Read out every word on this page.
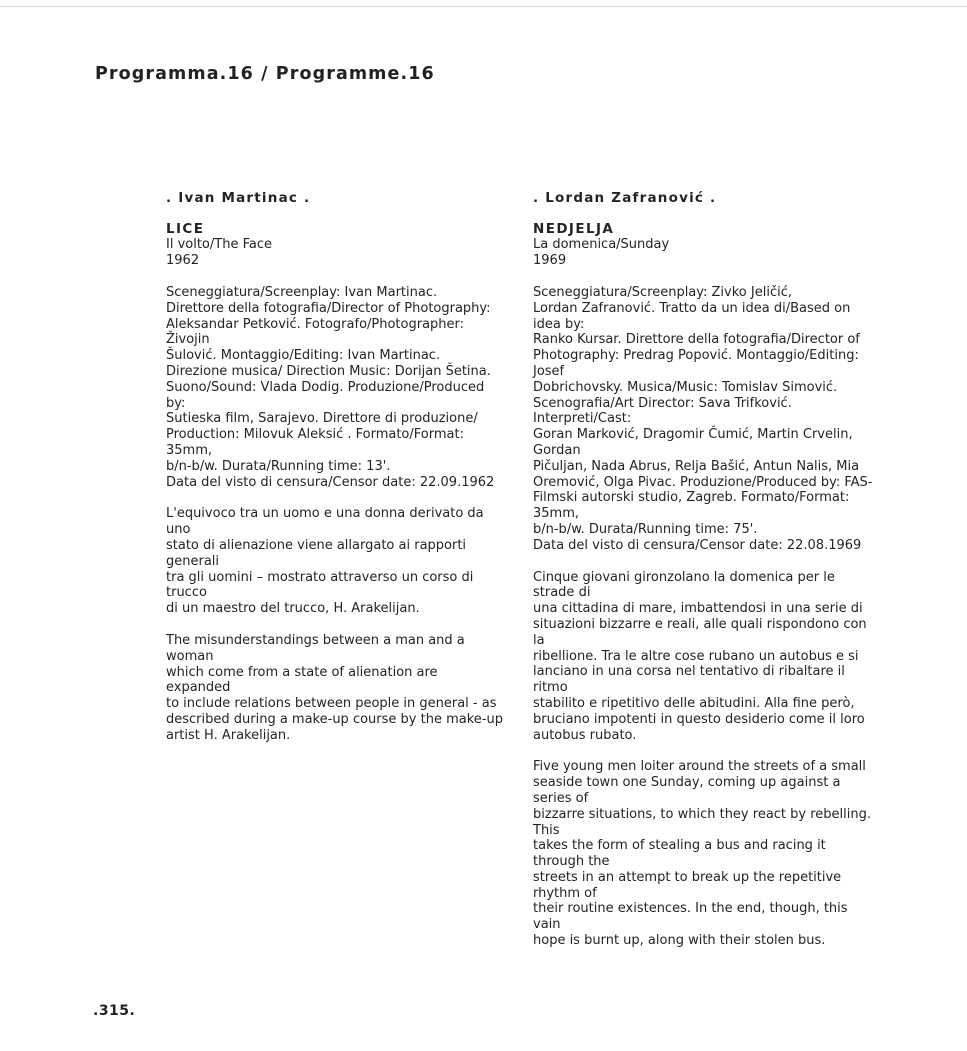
Programma.16 / Programme.16
. Ivan Martinac .
LICE
Il volto/The Face
1962
Sceneggiatura/Screenplay: Ivan Martinac.
Direttore della fotografia/Director of Photography:
Aleksandar Petković. Fotografo/Photographer: Živojin
Šulović. Montaggio/Editing: Ivan Martinac.
Direzione musica/ Direction Music: Dorijan Šetina.
Suono/Sound: Vlada Dodig. Produzione/Produced by:
Sutieska film, Sarajevo. Direttore di produzione/
Production: Milovuk Aleksić . Formato/Format: 35mm,
b/n-b/w. Durata/Running time: 13'.
Data del visto di censura/Censor date: 22.09.1962
L'equivoco tra un uomo e una donna derivato da uno
stato di alienazione viene allargato ai rapporti generali
tra gli uomini – mostrato attraverso un corso di trucco
di un maestro del trucco, H. Arakelijan.
The misunderstandings between a man and a woman
which come from a state of alienation are expanded
to include relations between people in general - as
described during a make-up course by the make-up
artist H. Arakelijan.
. Lordan Zafranović .
NEDJELJA
La domenica/Sunday
1969
Sceneggiatura/Screenplay: Zivko Jeličić,
Lordan Zafranović. Tratto da un idea di/Based on idea by:
Ranko Kursar. Direttore della fotografia/Director of
Photography: Predrag Popović. Montaggio/Editing: Josef
Dobrichovsky. Musica/Music: Tomislav Simović.
Scenografia/Art Director: Sava Trifković. Interpreti/Cast:
Goran Marković, Dragomir Čumić, Martin Crvelin, Gordan
Pičuljan, Nada Abrus, Relja Bašić, Antun Nalis, Mia
Oremović, Olga Pivac. Produzione/Produced by: FAS-
Filmski autorski studio, Zagreb. Formato/Format: 35mm,
b/n-b/w. Durata/Running time: 75'.
Data del visto di censura/Censor date: 22.08.1969
Cinque giovani gironzolano la domenica per le strade di
una cittadina di mare, imbattendosi in una serie di
situazioni bizzarre e reali, alle quali rispondono con la
ribellione. Tra le altre cose rubano un autobus e si
lanciano in una corsa nel tentativo di ribaltare il ritmo
stabilito e ripetitivo delle abitudini. Alla fine però,
bruciano impotenti in questo desiderio come il loro
autobus rubato.
Five young men loiter around the streets of a small
seaside town one Sunday, coming up against a series of
bizzarre situations, to which they react by rebelling. This
takes the form of stealing a bus and racing it through the
streets in an attempt to break up the repetitive rhythm of
their routine existences. In the end, though, this vain
hope is burnt up, along with their stolen bus.
.315.
